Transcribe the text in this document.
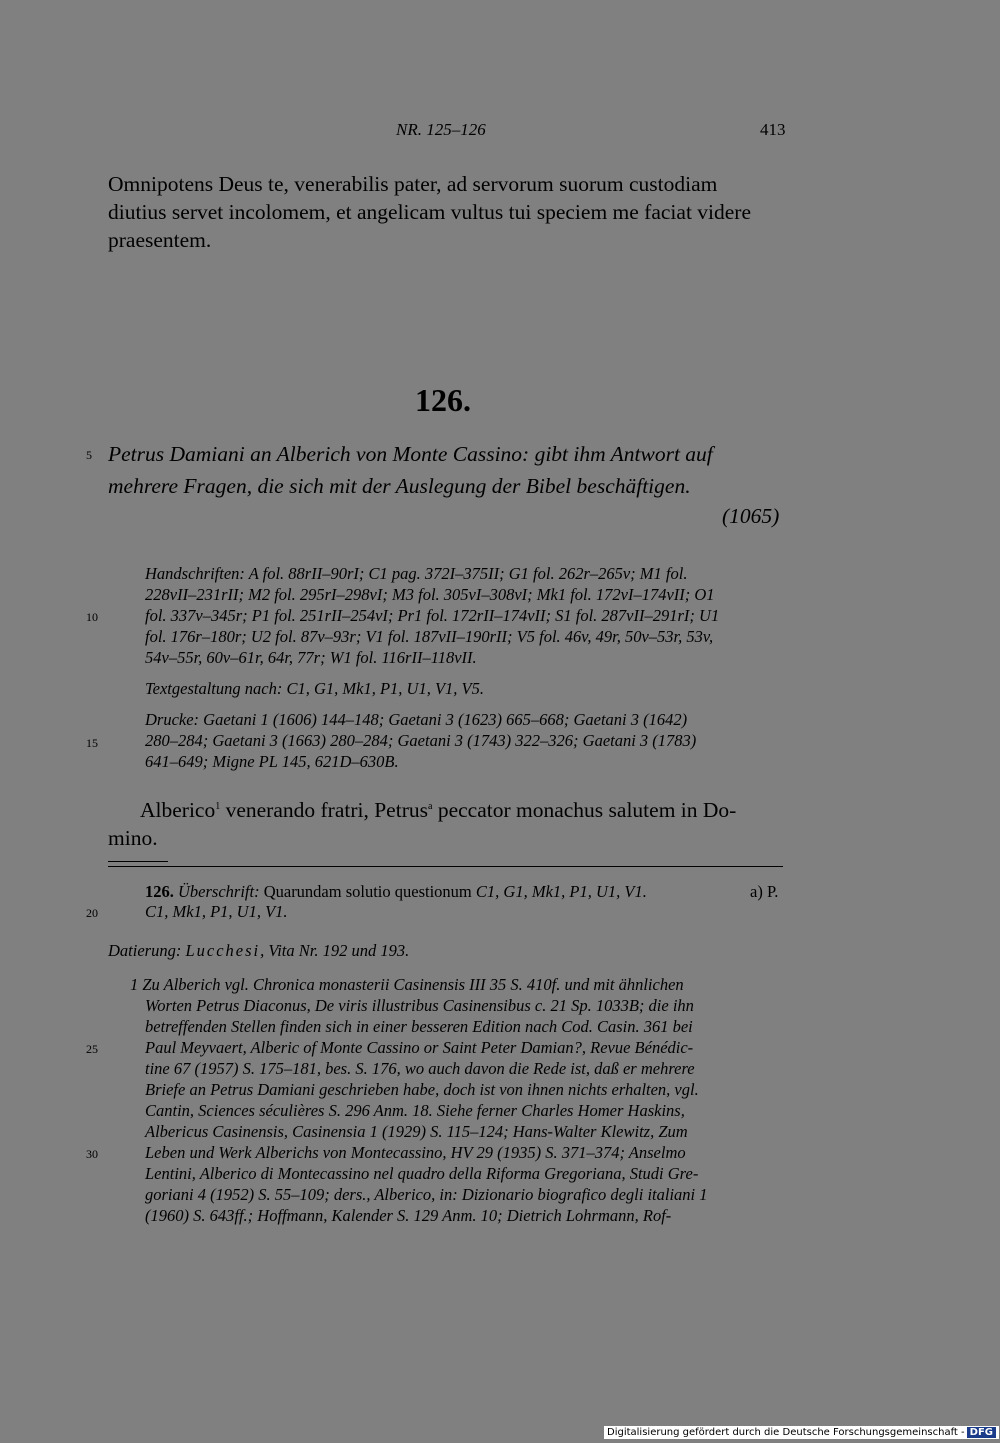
NR. 125–126	413
Omnipotens Deus te, venerabilis pater, ad servorum suorum custodiam
diutius servet incolomem, et angelicam vultus tui speciem me faciat videre
praesentem.
126.
5 Petrus Damiani an Alberich von Monte Cassino: gibt ihm Antwort auf
mehrere Fragen, die sich mit der Auslegung der Bibel beschäftigen.
(1065)
Handschriften: A fol. 88rII–90rI; C1 pag. 372I–375II; G1 fol. 262r–265v; M1 fol.
228vII–231rII; M2 fol. 295rI–298vI; M3 fol. 305vI–308vI; Mk1 fol. 172vI–174vII; O1
10	fol. 337v–345r; P1 fol. 251rII–254vI; Pr1 fol. 172rII–174vII; S1 fol. 287vII–291rI; U1
fol. 176r–180r; U2 fol. 87v–93r; V1 fol. 187vII–190rII; V5 fol. 46v, 49r, 50v–53r, 53v,
54v–55r, 60v–61r, 64r, 77r; W1 fol. 116rII–118vII.
Textgestaltung nach: C1, G1, Mk1, P1, U1, V1, V5.
Drucke: Gaetani 1 (1606) 144–148; Gaetani 3 (1623) 665–668; Gaetani 3 (1642)
15	280–284; Gaetani 3 (1663) 280–284; Gaetani 3 (1743) 322–326; Gaetani 3 (1783)
641–649; Migne PL 145, 621D–630B.
Alberico$^1$ venerando fratri, Petrus$^a$ peccator monachus salutem in Do-
mino.
126. Überschrift: Quarundam solutio questionum C1, G1, Mk1, P1, U1, V1.	a) P.
20	C1, Mk1, P1, U1, V1.
Datierung: Lucchesi, Vita Nr. 192 und 193.
1 Zu Alberich vgl. Chronica monasterii Casinensis III 35 S. 410f. und mit ähnlichen
Worten Petrus Diaconus, De viris illustribus Casinensibus c. 21 Sp. 1033B; die ihn
betreffenden Stellen finden sich in einer besseren Edition nach Cod. Casin. 361 bei
25	Paul Meyvaert, Alberic of Monte Cassino or Saint Peter Damian?, Revue Bénédic-
tine 67 (1957) S. 175–181, bes. S. 176, wo auch davon die Rede ist, daß er mehrere
Briefe an Petrus Damiani geschrieben habe, doch ist von ihnen nichts erhalten, vgl.
Cantin, Sciences séculières S. 296 Anm. 18. Siehe ferner Charles Homer Haskins,
Albericus Casinensis, Casinensia 1 (1929) S. 115–124; Hans-Walter Klewitz, Zum
30	Leben und Werk Alberichs von Montecassino, HV 29 (1935) S. 371–374; Anselmo
Lentini, Alberico di Montecassino nel quadro della Riforma Gregoriana, Studi Gre-
goriani 4 (1952) S. 55–109; ders., Alberico, in: Dizionario biografico degli italiani 1
(1960) S. 643ff.; Hoffmann, Kalender S. 129 Anm. 10; Dietrich Lohrmann, Rof-
Digitalisierung gefördert durch die Deutsche Forschungsgemeinschaft - DFG
